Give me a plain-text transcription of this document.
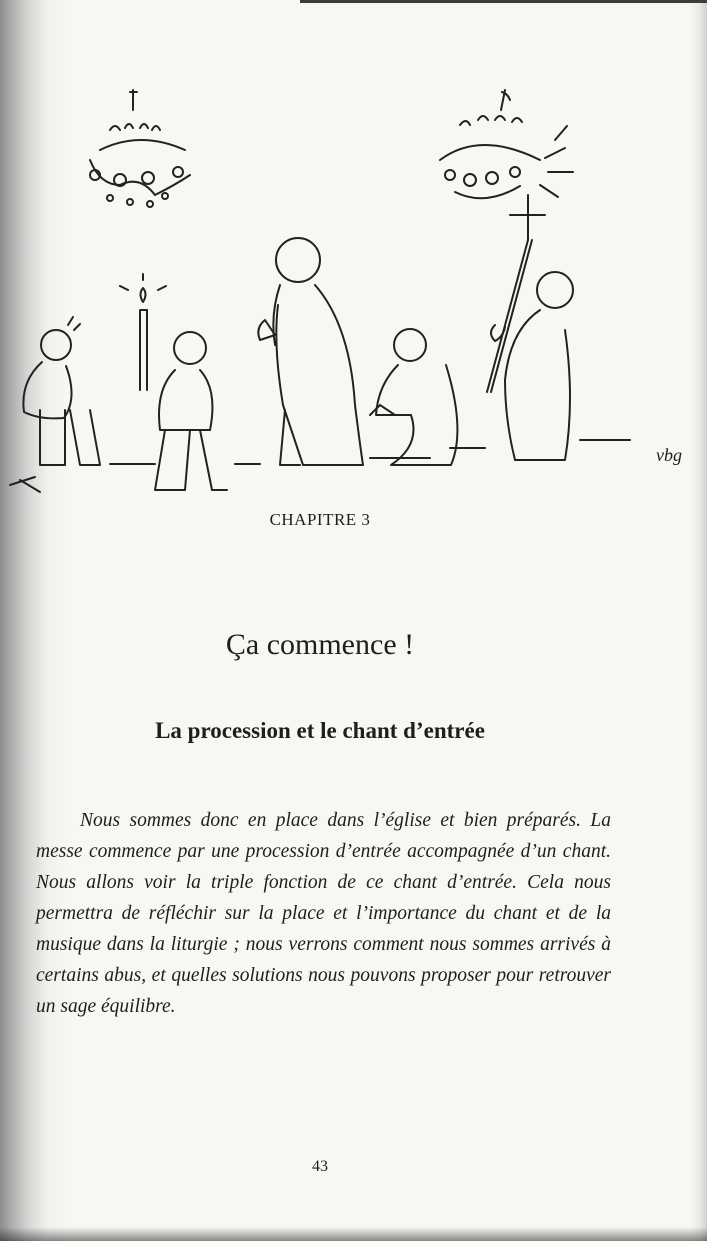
vbg
CHAPITRE 3
Ça commence !
La procession et le chant d’entrée

Nous sommes donc en place dans l’église et bien préparés. La messe commence par une procession d’entrée accompagnée d’un chant. Nous allons voir la triple fonction de ce chant d’entrée. Cela nous permettra de réfléchir sur la place et l’importance du chant et de la musique dans la liturgie ; nous verrons comment nous sommes arrivés à certains abus, et quelles solutions nous pouvons proposer pour retrouver un sage équilibre.

43
